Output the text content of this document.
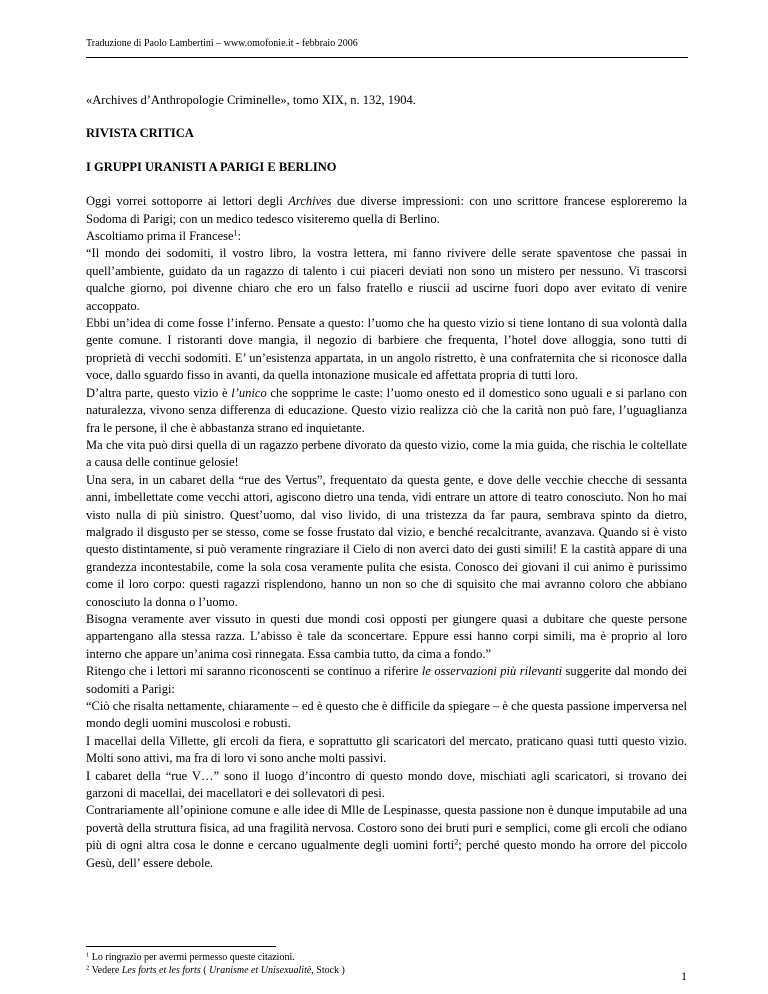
Traduzione di Paolo Lambertini – www.omofonie.it - febbraio 2006

«Archives d’Anthropologie Criminelle», tomo XIX, n. 132, 1904.

RIVISTA CRITICA

I GRUPPI URANISTI A PARIGI E BERLINO

Oggi vorrei sottoporre ai lettori degli Archives due diverse impressioni: con uno scrittore francese esploreremo la Sodoma di Parigi; con un medico tedesco visiteremo quella di Berlino.

Ascoltiamo prima il Francese$^1$:

“Il mondo dei sodomiti, il vostro libro, la vostra lettera, mi fanno rivivere delle serate spaventose che passai in quell’ambiente, guidato da un ragazzo di talento i cui piaceri deviati non sono un mistero per nessuno. Vi trascorsi qualche giorno, poi divenne chiaro che ero un falso fratello e riuscii ad uscirne fuori dopo aver evitato di venire accoppato.

Ebbi un’idea di come fosse l’inferno. Pensate a questo: l’uomo che ha questo vizio si tiene lontano di sua volontà dalla gente comune. I ristoranti dove mangia, il negozio di barbiere che frequenta, l’hotel dove alloggia, sono tutti di proprietà di vecchi sodomiti. E’ un’esistenza appartata, in un angolo ristretto, è una confraternita che si riconosce dalla voce, dallo sguardo fisso in avanti, da quella intonazione musicale ed affettata propria di tutti loro.

D’altra parte, questo vizio è l’unico che sopprime le caste: l’uomo onesto ed il domestico sono uguali e si parlano con naturalezza, vivono senza differenza di educazione. Questo vizio realizza ciò che la carità non può fare, l’uguaglianza fra le persone, il che è abbastanza strano ed inquietante.

Ma che vita può dirsi quella di un ragazzo perbene divorato da questo vizio, come la mia guida, che rischia le coltellate a causa delle continue gelosie!

Una sera, in un cabaret della “rue des Vertus”, frequentato da questa gente, e dove delle vecchie checche di sessanta anni, imbellettate come vecchi attori, agiscono dietro una tenda, vidi entrare un attore di teatro conosciuto. Non ho mai visto nulla di più sinistro. Quest’uomo, dal viso livido, di una tristezza da far paura, sembrava spinto da dietro, malgrado il disgusto per se stesso, come se fosse frustato dal vizio, e benché recalcitrante, avanzava. Quando si è visto questo distintamente, si può veramente ringraziare il Cielo di non averci dato dei gusti simili! E la castità appare di una grandezza incontestabile, come la sola cosa veramente pulita che esista. Conosco dei giovani il cui animo è purissimo come il loro corpo: questi ragazzi risplendono, hanno un non so che di squisito che mai avranno coloro che abbiano conosciuto la donna o l’uomo.

Bisogna veramente aver vissuto in questi due mondi così opposti per giungere quasi a dubitare che queste persone appartengano alla stessa razza. L’abisso è tale da sconcertare. Eppure essi hanno corpi simili, ma è proprio al loro interno che appare un’anima così rinnegata. Essa cambia tutto, da cima a fondo.”

Ritengo che i lettori mi saranno riconoscenti se continuo a riferire le osservazioni più rilevanti suggerite dal mondo dei sodomiti a Parigi:

“Ciò che risalta nettamente, chiaramente – ed è questo che è difficile da spiegare – è che questa passione imperversa nel mondo degli uomini muscolosi e robusti.

I macellai della Villette, gli ercoli da fiera, e soprattutto gli scaricatori del mercato, praticano quasi tutti questo vizio. Molti sono attivi, ma fra di loro vi sono anche molti passivi.

I cabaret della “rue V…” sono il luogo d’incontro di questo mondo dove, mischiati agli scaricatori, si trovano dei garzoni di macellai, dei macellatori e dei sollevatori di pesi.

Contrariamente all’opinione comune e alle idee di Mlle de Lespinasse, questa passione non è dunque imputabile ad una povertà della struttura fisica, ad una fragilità nervosa. Costoro sono dei bruti puri e semplici, come gli ercoli che odiano più di ogni altra cosa le donne e cercano ugualmente degli uomini forti$^2$; perché questo mondo ha orrore del piccolo Gesù, dell’ essere debole.

$^1$ Lo ringrazio per avermi permesso queste citazioni.

$^2$ Vedere Les forts et les forts ( Uranisme et Unisexualitè, Stock )	1
